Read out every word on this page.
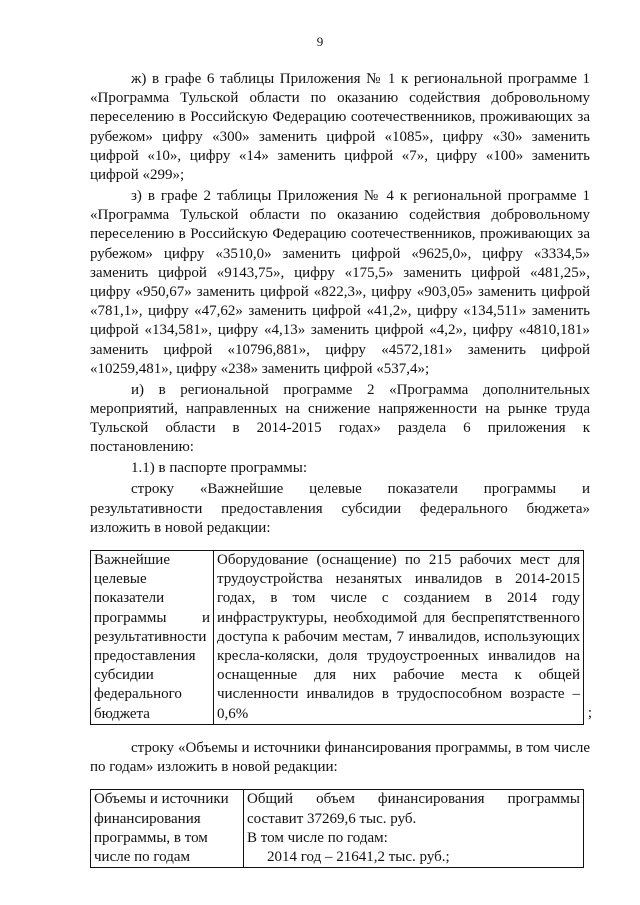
9

ж) в графе 6 таблицы Приложения № 1 к региональной программе 1 «Программа Тульской области по оказанию содействия добровольному переселению в Российскую Федерацию соотечественников, проживающих за рубежом» цифру «300» заменить цифрой «1085», цифру «30» заменить цифрой «10», цифру «14» заменить цифрой «7», цифру «100» заменить цифрой «299»;

з) в графе 2 таблицы Приложения № 4 к региональной программе 1 «Программа Тульской области по оказанию содействия добровольному переселению в Российскую Федерацию соотечественников, проживающих за рубежом» цифру «3510,0» заменить цифрой «9625,0», цифру «3334,5» заменить цифрой «9143,75», цифру «175,5» заменить цифрой «481,25», цифру «950,67» заменить цифрой «822,3», цифру «903,05» заменить цифрой «781,1», цифру «47,62» заменить цифрой «41,2», цифру «134,511» заменить цифрой «134,581», цифру «4,13» заменить цифрой «4,2», цифру «4810,181» заменить цифрой «10796,881», цифру «4572,181» заменить цифрой «10259,481», цифру «238» заменить цифрой «537,4»;

и) в региональной программе 2 «Программа дополнительных мероприятий, направленных на снижение напряженности на рынке труда Тульской области в 2014-2015 годах» раздела 6 приложения к постановлению:

1.1) в паспорте программы:

строку «Важнейшие целевые показатели программы и результативности предоставления субсидии федерального бюджета» изложить в новой редакции:

Важнейшие
целевые
показатели
программы и
результативности
предоставления
субсидии
федерального
бюджета
	Оборудование (оснащение) по 215 рабочих мест для трудоустройства незанятых инвалидов в 2014-2015 годах, в том числе с созданием в 2014 году инфраструктуры, необходимой для беспрепятственного доступа к рабочим местам, 7 инвалидов, использующих кресла-коляски, доля трудоустроенных инвалидов на оснащенные для них рабочие места к общей численности инвалидов в трудоспособном возрасте – 0,6%	;

строку «Объемы и источники финансирования программы, в том числе по годам» изложить в новой редакции:

Объемы и источники
финансирования
программы, в том
числе по годам

Общий объем финансирования программы составит 37269,6 тыс. руб.
В том числе по годам:
2014 год – 21641,2 тыс. руб.;
